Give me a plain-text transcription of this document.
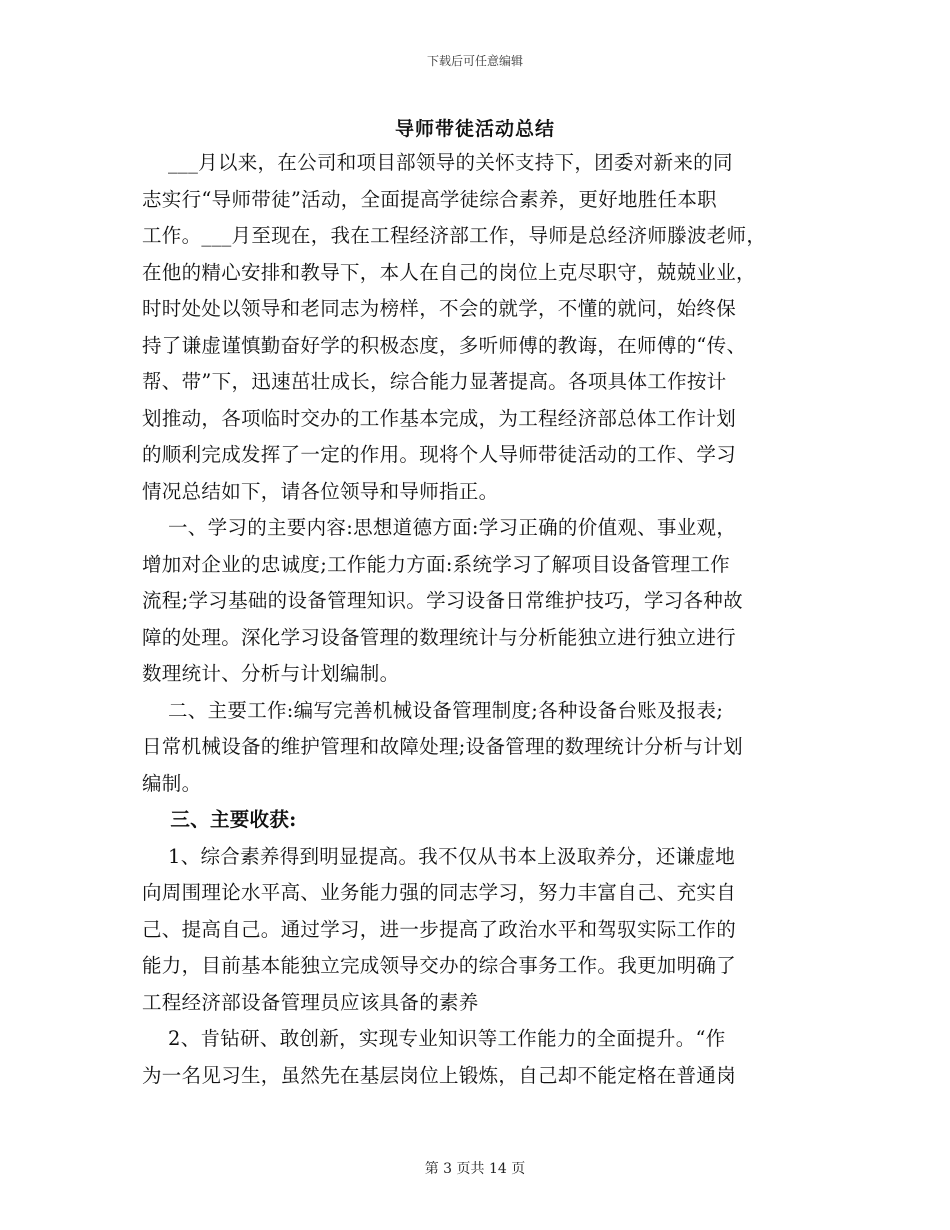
下载后可任意编辑
导师带徒活动总结
___月以来，在公司和项目部领导的关怀支持下，团委对新来的同
志实行“导师带徒”活动，全面提高学徒综合素养，更好地胜任本职
工作。___月至现在，我在工程经济部工作，导师是总经济师滕波老师，
在他的精心安排和教导下，本人在自己的岗位上克尽职守，兢兢业业，
时时处处以领导和老同志为榜样，不会的就学，不懂的就问，始终保
持了谦虚谨慎勤奋好学的积极态度，多听师傅的教诲，在师傅的“传、
帮、带”下，迅速茁壮成长，综合能力显著提高。各项具体工作按计
划推动，各项临时交办的工作基本完成，为工程经济部总体工作计划
的顺利完成发挥了一定的作用。现将个人导师带徒活动的工作、学习
情况总结如下，请各位领导和导师指正。
一、学习的主要内容:思想道德方面:学习正确的价值观、事业观，
增加对企业的忠诚度;工作能力方面:系统学习了解项目设备管理工作
流程;学习基础的设备管理知识。学习设备日常维护技巧，学习各种故
障的处理。深化学习设备管理的数理统计与分析能独立进行独立进行
数理统计、分析与计划编制。
二、主要工作:编写完善机械设备管理制度;各种设备台账及报表;
日常机械设备的维护管理和故障处理;设备管理的数理统计分析与计划
编制。
三、主要收获:
1、综合素养得到明显提高。我不仅从书本上汲取养分，还谦虚地
向周围理论水平高、业务能力强的同志学习，努力丰富自己、充实自
己、提高自己。通过学习，进一步提高了政治水平和驾驭实际工作的
能力，目前基本能独立完成领导交办的综合事务工作。我更加明确了
工程经济部设备管理员应该具备的素养
2、肯钻研、敢创新，实现专业知识等工作能力的全面提升。“作
为一名见习生，虽然先在基层岗位上锻炼，自己却不能定格在普通岗
第 3 页共 14 页
